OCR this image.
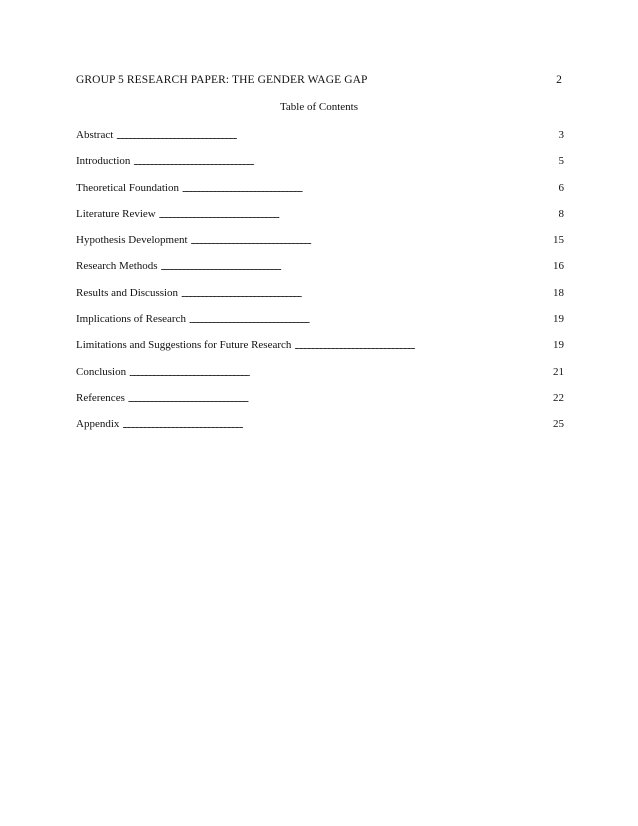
GROUP 5 RESEARCH PAPER: THE GENDER WAGE GAP	2
Table of Contents
Abstract . . .	3
Introduction . . .	5
Theoretical Foundation . . .	6
Literature Review . . .	8
Hypothesis Development . . .	15
Research Methods . . .	16
Results and Discussion . . .	18
Implications of Research . . .	19
Limitations and Suggestions for Future Research . . .	19
Conclusion . . .	21
References . . .	22
Appendix . . .	25
